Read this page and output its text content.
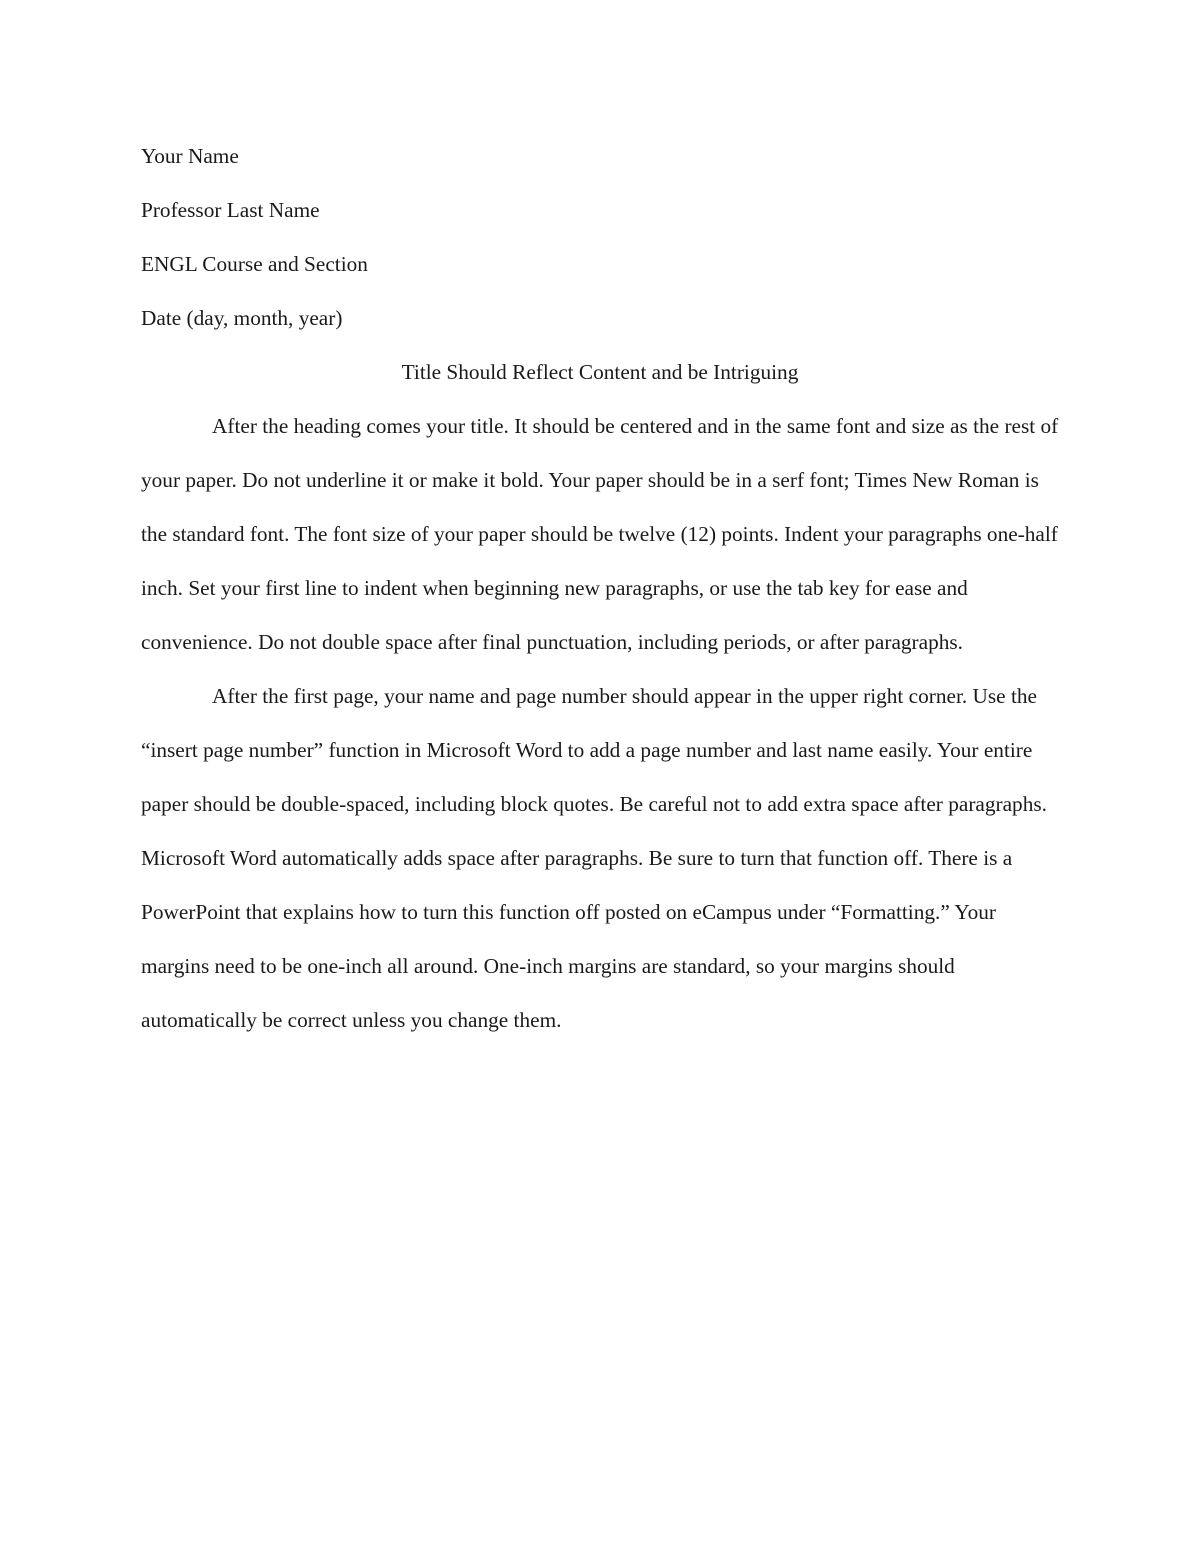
Your Name

Professor Last Name

ENGL Course and Section

Date (day, month, year)

Title Should Reflect Content and be Intriguing

After the heading comes your title. It should be centered and in the same font and size as the rest of your paper. Do not underline it or make it bold. Your paper should be in a serf font; Times New Roman is the standard font. The font size of your paper should be twelve (12) points. Indent your paragraphs one-half inch. Set your first line to indent when beginning new paragraphs, or use the tab key for ease and convenience. Do not double space after final punctuation, including periods, or after paragraphs.

After the first page, your name and page number should appear in the upper right corner. Use the “insert page number” function in Microsoft Word to add a page number and last name easily. Your entire paper should be double-spaced, including block quotes. Be careful not to add extra space after paragraphs. Microsoft Word automatically adds space after paragraphs. Be sure to turn that function off. There is a PowerPoint that explains how to turn this function off posted on eCampus under “Formatting.” Your margins need to be one-inch all around. One-inch margins are standard, so your margins should automatically be correct unless you change them.
